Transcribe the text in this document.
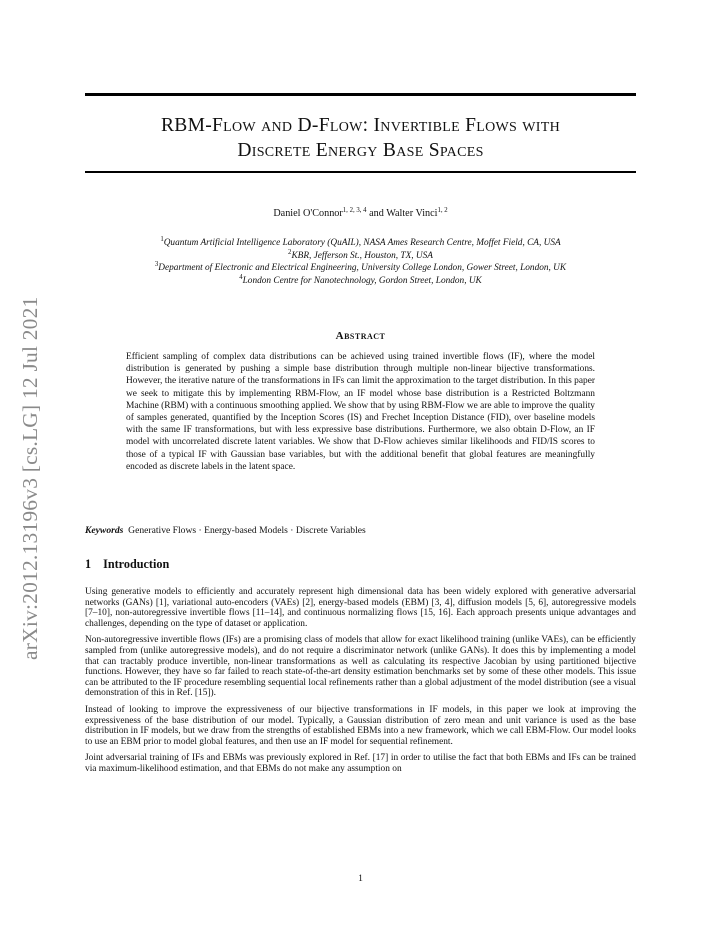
arXiv:2012.13196v3 [cs.LG] 12 Jul 2021
RBM-Flow and D-Flow: Invertible Flows with
Discrete Energy Base Spaces
Daniel O'Connor$^{1, 2, 3, 4}$ and Walter Vinci$^{1, 2}$
$^1$Quantum Artificial Intelligence Laboratory (QuAIL), NASA Ames Research Centre, Moffet Field, CA, USA
$^2$KBR, Jefferson St., Houston, TX, USA
$^3$Department of Electronic and Electrical Engineering, University College London, Gower Street, London, UK
$^4$London Centre for Nanotechnology, Gordon Street, London, UK
Abstract
Efficient sampling of complex data distributions can be achieved using trained invertible flows (IF), where the model distribution is generated by pushing a simple base distribution through multiple non-linear bijective transformations. However, the iterative nature of the transformations in IFs can limit the approximation to the target distribution. In this paper we seek to mitigate this by implementing RBM-Flow, an IF model whose base distribution is a Restricted Boltzmann Machine (RBM) with a continuous smoothing applied. We show that by using RBM-Flow we are able to improve the quality of samples generated, quantified by the Inception Scores (IS) and Frechet Inception Distance (FID), over baseline models with the same IF transformations, but with less expressive base distributions. Furthermore, we also obtain D-Flow, an IF model with uncorrelated discrete latent variables. We show that D-Flow achieves similar likelihoods and FID/IS scores to those of a typical IF with Gaussian base variables, but with the additional benefit that global features are meaningfully encoded as discrete labels in the latent space.
Keywords Generative Flows · Energy-based Models · Discrete Variables
1 Introduction

Using generative models to efficiently and accurately represent high dimensional data has been widely explored with generative adversarial networks (GANs) [1], variational auto-encoders (VAEs) [2], energy-based models (EBM) [3, 4], diffusion models [5, 6], autoregressive models [7–10], non-autoregressive invertible flows [11–14], and continuous normalizing flows [15, 16]. Each approach presents unique advantages and challenges, depending on the type of dataset or application.

Non-autoregressive invertible flows (IFs) are a promising class of models that allow for exact likelihood training (unlike VAEs), can be efficiently sampled from (unlike autoregressive models), and do not require a discriminator network (unlike GANs). It does this by implementing a model that can tractably produce invertible, non-linear transformations as well as calculating its respective Jacobian by using partitioned bijective functions. However, they have so far failed to reach state-of-the-art density estimation benchmarks set by some of these other models. This issue can be attributed to the IF procedure resembling sequential local refinements rather than a global adjustment of the model distribution (see a visual demonstration of this in Ref. [15]).

Instead of looking to improve the expressiveness of our bijective transformations in IF models, in this paper we look at improving the expressiveness of the base distribution of our model. Typically, a Gaussian distribution of zero mean and unit variance is used as the base distribution in IF models, but we draw from the strengths of established EBMs into a new framework, which we call EBM-Flow. Our model looks to use an EBM prior to model global features, and then use an IF model for sequential refinement.

Joint adversarial training of IFs and EBMs was previously explored in Ref. [17] in order to utilise the fact that both EBMs and IFs can be trained via maximum-likelihood estimation, and that EBMs do not make any assumption on

1
